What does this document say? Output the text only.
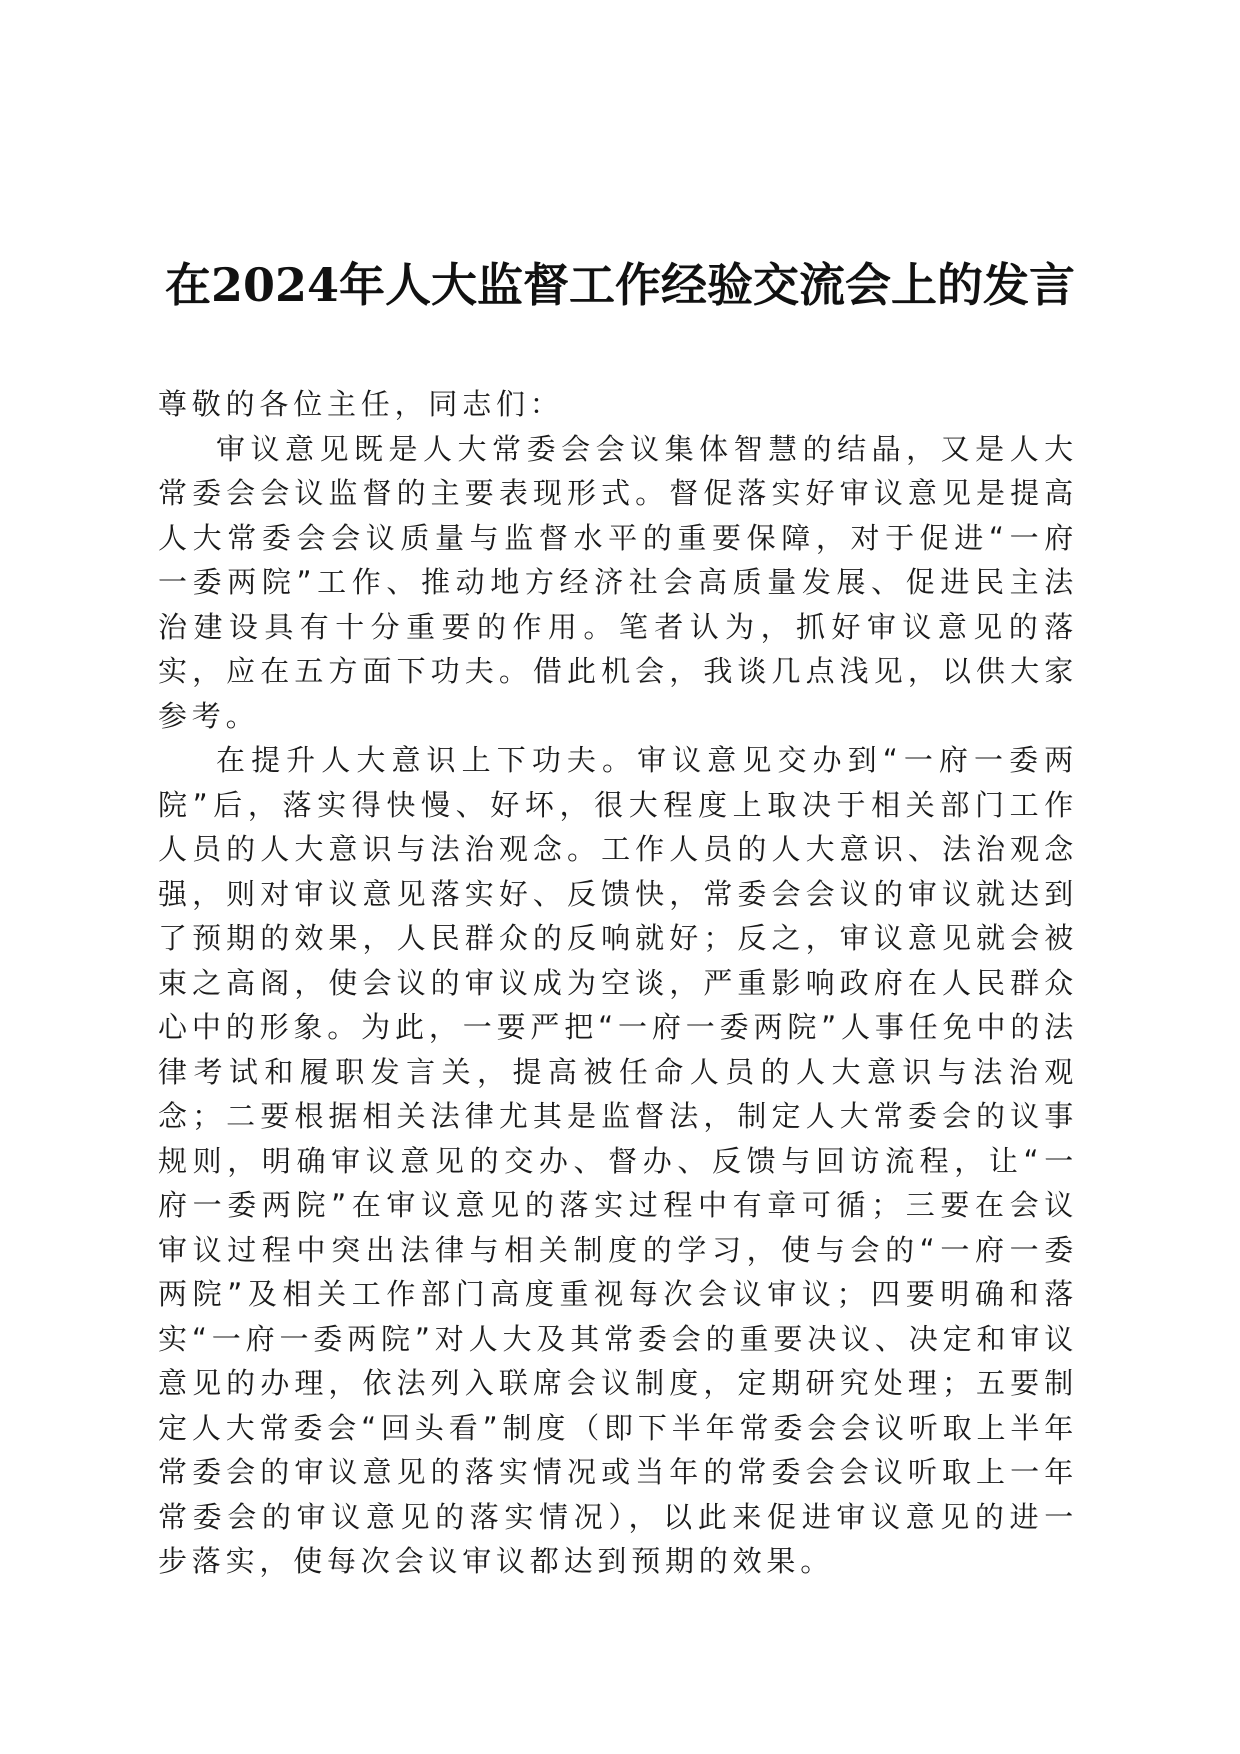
在2024年人大监督工作经验交流会上的发言

尊敬的各位主任，同志们：

审议意见既是人大常委会会议集体智慧的结晶，又是人大常委会会议监督的主要表现形式。督促落实好审议意见是提高人大常委会会议质量与监督水平的重要保障，对于促进“一府一委两院”工作、推动地方经济社会高质量发展、促进民主法治建设具有十分重要的作用。笔者认为，抓好审议意见的落实，应在五方面下功夫。借此机会，我谈几点浅见，以供大家参考。

在提升人大意识上下功夫。审议意见交办到“一府一委两院”后，落实得快慢、好坏，很大程度上取决于相关部门工作人员的人大意识与法治观念。工作人员的人大意识、法治观念强，则对审议意见落实好、反馈快，常委会会议的审议就达到了预期的效果，人民群众的反响就好；反之，审议意见就会被束之高阁，使会议的审议成为空谈，严重影响政府在人民群众心中的形象。为此，一要严把“一府一委两院”人事任免中的法律考试和履职发言关，提高被任命人员的人大意识与法治观念；二要根据相关法律尤其是监督法，制定人大常委会的议事规则，明确审议意见的交办、督办、反馈与回访流程，让“一府一委两院”在审议意见的落实过程中有章可循；三要在会议审议过程中突出法律与相关制度的学习，使与会的“一府一委两院”及相关工作部门高度重视每次会议审议；四要明确和落实“一府一委两院”对人大及其常委会的重要决议、决定和审议意见的办理，依法列入联席会议制度，定期研究处理；五要制定人大常委会“回头看”制度（即下半年常委会会议听取上半年常委会的审议意见的落实情况或当年的常委会会议听取上一年常委会的审议意见的落实情况），以此来促进审议意见的进一步落实，使每次会议审议都达到预期的效果。
